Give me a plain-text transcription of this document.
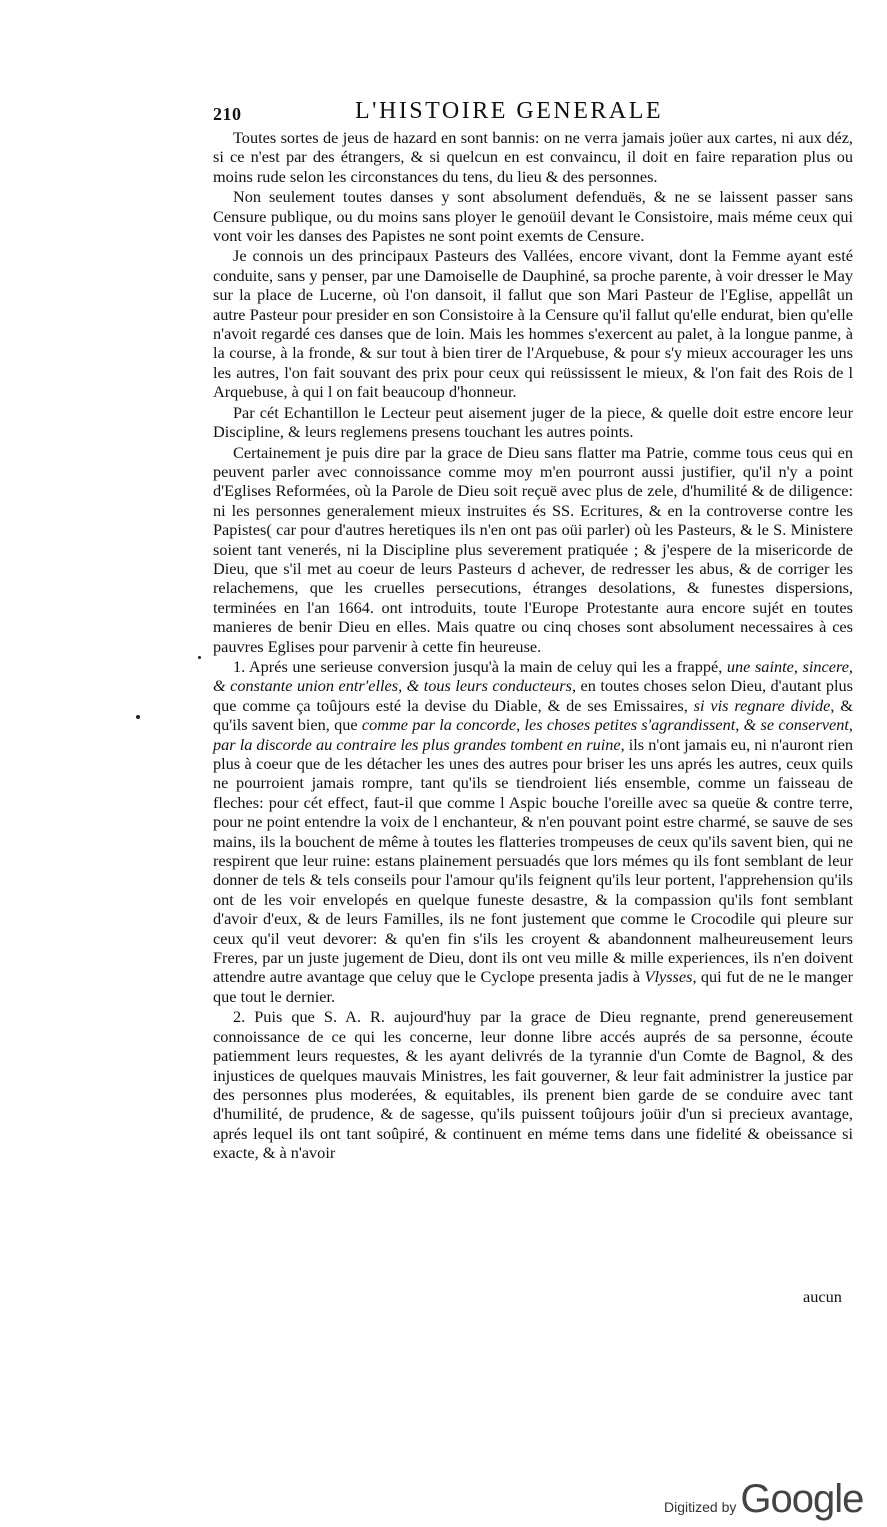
210	L'HISTOIRE GENERALE

Toutes sortes de jeus de hazard en sont bannis: on ne verra jamais joüer aux cartes, ni aux déz, si ce n'est par des étrangers, & si quelcun en est convaincu, il doit en faire reparation plus ou moins rude selon les circonstances du tens, du lieu & des personnes.

Non seulement toutes danses y sont absolument defenduës, & ne se laissent passer sans Censure publique, ou du moins sans ployer le genoüil devant le Consistoire, mais méme ceux qui vont voir les danses des Papistes ne sont point exemts de Censure.

Je connois un des principaux Pasteurs des Vallées, encore vivant, dont la Femme ayant esté conduite, sans y penser, par une Damoiselle de Dauphiné, sa proche parente, à voir dresser le May sur la place de Lucerne, où l'on dansoit, il fallut que son Mari Pasteur de l'Eglise, appellât un autre Pasteur pour presider en son Consistoire à la Censure qu'il fallut qu'elle endurat, bien qu'elle n'avoit regardé ces danses que de loin. Mais les hommes s'exercent au palet, à la longue panme, à la course, à la fronde, & sur tout à bien tirer de l'Arquebuse, & pour s'y mieux accourager les uns les autres, l'on fait souvant des prix pour ceux qui reüssissent le mieux, & l'on fait des Rois de l Arquebuse, à qui l on fait beaucoup d'honneur.

Par cét Echantillon le Lecteur peut aisement juger de la piece, & quelle doit estre encore leur Discipline, & leurs reglemens presens touchant les autres points.

Certainement je puis dire par la grace de Dieu sans flatter ma Patrie, comme tous ceus qui en peuvent parler avec connoissance comme moy m'en pourront aussi justifier, qu'il n'y a point d'Eglises Reformées, où la Parole de Dieu soit reçuë avec plus de zele, d'humilité & de diligence: ni les personnes generalement mieux instruites és SS. Ecritures, & en la controverse contre les Papistes( car pour d'autres heretiques ils n'en ont pas oüi parler) où les Pasteurs, & le S. Ministere soient tant venerés, ni la Discipline plus severement pratiquée ; & j'espere de la misericorde de Dieu, que s'il met au coeur de leurs Pasteurs d achever, de redresser les abus, & de corriger les relachemens, que les cruelles persecutions, étranges desolations, & funestes dispersions, terminées en l'an 1664. ont introduits, toute l'Europe Protestante aura encore sujét en toutes manieres de benir Dieu en elles. Mais quatre ou cinq choses sont absolument necessaires à ces pauvres Eglises pour parvenir à cette fin heureuse.

1. Aprés une serieuse conversion jusqu'à la main de celuy qui les a frappé, une sainte, sincere, & constante union entr'elles, & tous leurs conducteurs, en toutes choses selon Dieu, d'autant plus que comme ça toûjours esté la devise du Diable, & de ses Emissaires, si vis regnare divide, & qu'ils savent bien, que comme par la concorde, les choses petites s'agrandissent, & se conservent, par la discorde au contraire les plus grandes tombent en ruine, ils n'ont jamais eu, ni n'auront rien plus à coeur que de les détacher les unes des autres pour briser les uns aprés les autres, ceux quils ne pourroient jamais rompre, tant qu'ils se tiendroient liés ensemble, comme un faisseau de fleches: pour cét effect, faut-il que comme l Aspic bouche l'oreille avec sa queüe & contre terre, pour ne point entendre la voix de l enchanteur, & n'en pouvant point estre charmé, se sauve de ses mains, ils la bouchent de même à toutes les flatteries trompeuses de ceux qu'ils savent bien, qui ne respirent que leur ruine: estans plainement persuadés que lors mémes qu ils font semblant de leur donner de tels & tels conseils pour l'amour qu'ils feignent qu'ils leur portent, l'apprehension qu'ils ont de les voir envelopés en quelque funeste desastre, & la compassion qu'ils font semblant d'avoir d'eux, & de leurs Familles, ils ne font justement que comme le Crocodile qui pleure sur ceux qu'il veut devorer: & qu'en fin s'ils les croyent & abandonnent malheureusement leurs Freres, par un juste jugement de Dieu, dont ils ont veu mille & mille experiences, ils n'en doivent attendre autre avantage que celuy que le Cyclope presenta jadis à Vlysses, qui fut de ne le manger que tout le dernier.

2. Puis que S. A. R. aujourd'huy par la grace de Dieu regnante, prend genereusement connoissance de ce qui les concerne, leur donne libre accés auprés de sa personne, écoute patiemment leurs requestes, & les ayant delivrés de la tyrannie d'un Comte de Bagnol, & des injustices de quelques mauvais Ministres, les fait gouverner, & leur fait administrer la justice par des personnes plus moderées, & equitables, ils prenent bien garde de se conduire avec tant d'humilité, de prudence, & de sagesse, qu'ils puissent toûjours joüir d'un si precieux avantage, aprés lequel ils ont tant soûpiré, & continuent en méme tems dans une fidelité & obeissance si exacte, & à n'avoir

aucun
Digitized by Google
